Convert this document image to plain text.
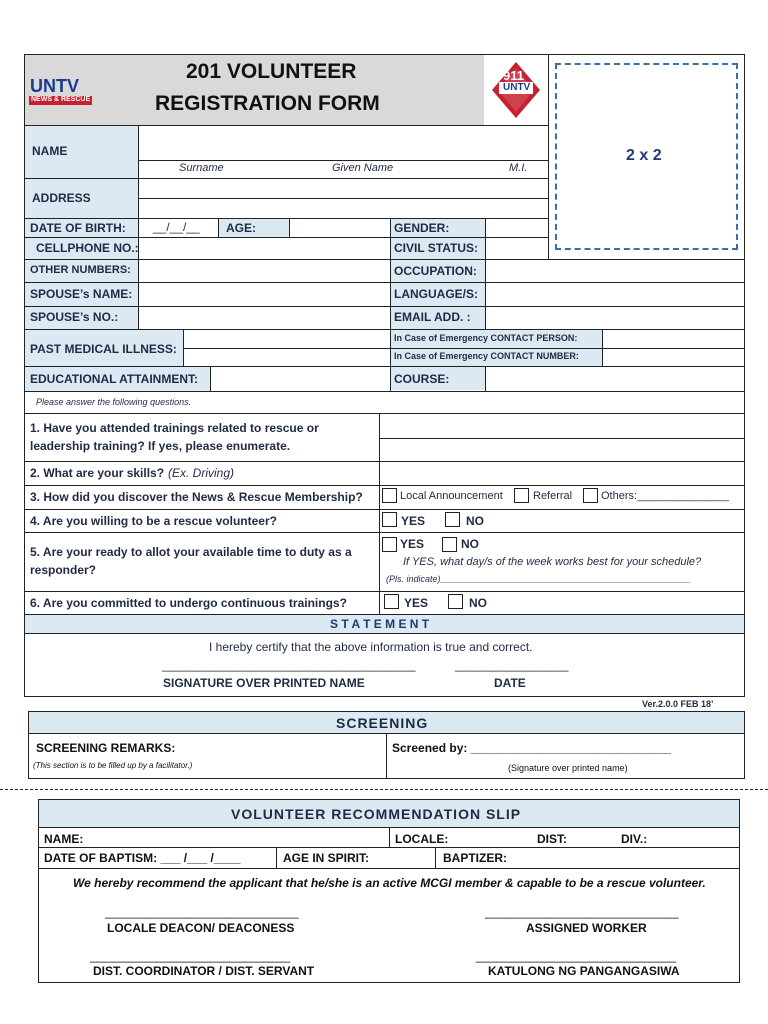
UNTV
NEWS & RESCUE
201 VOLUNTEER
REGISTRATION FORM
911
UNTV
2 x 2
NAME
Surname	Given Name	M.I.
ADDRESS
DATE OF BIRTH: __/__/__ AGE:	GENDER:
CELLPHONE NO.:	CIVIL STATUS:
OTHER NUMBERS:	OCCUPATION:
SPOUSE’s NAME:	LANGUAGE/S:
SPOUSE’s NO.:	EMAIL ADD. :
PAST MEDICAL ILLNESS:
In Case of Emergency CONTACT PERSON:
In Case of Emergency CONTACT NUMBER:
EDUCATIONAL ATTAINMENT:	COURSE:
Please answer the following questions.
1. Have you attended trainings related to rescue or
leadership training? If yes, please enumerate.
2. What are your skills? (Ex. Driving)
3. How did you discover the News & Rescue Membership?	Local Announcement	Referral	Others:_______________
4. Are you willing to be a rescue volunteer?	YES	NO
5. Are your ready to allot your available time to duty as a
responder?
YES	NO
If YES, what day/s of the week works best for your schedule?
(Pls. indicate)__________________________________________________
6. Are you committed to undergo continuous trainings?	YES	NO
S T A T E M E N T
I hereby certify that the above information is true and correct.
______________________________________	_________________
SIGNATURE OVER PRINTED NAME	DATE
Ver.2.0.0 FEB 18’
SCREENING
SCREENING REMARKS:
(This section is to be filled up by a facilitator.)
Screened by: ______________________________
(Signature over printed name)
VOLUNTEER RECOMMENDATION SLIP
NAME:	LOCALE:	DIST:	DIV.:
DATE OF BAPTISM: ___ /___ /____	AGE IN SPIRIT:	BAPTIZER:
We hereby recommend the applicant that he/she is an active MCGI member & capable to be a rescue volunteer.
_____________________________	_____________________________
LOCALE DEACON/ DEACONESS	ASSIGNED WORKER
______________________________	______________________________
DIST. COORDINATOR / DIST. SERVANT	KATULONG NG PANGANGASIWA
